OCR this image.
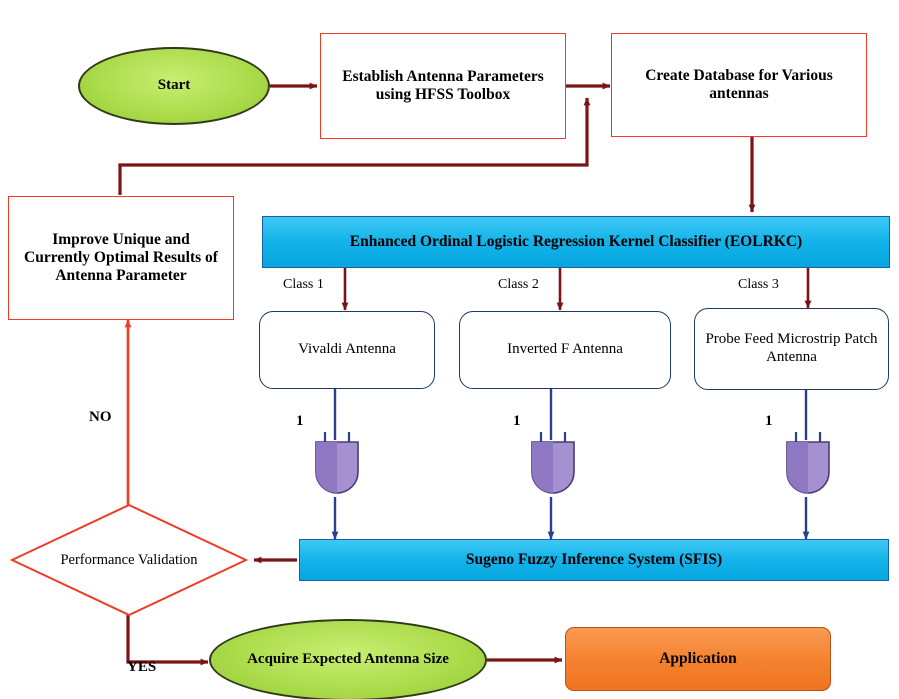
Start
Establish Antenna Parameters using HFSS Toolbox
Create Database for Various antennas
Improve Unique and Currently Optimal Results of Antenna Parameter
Enhanced Ordinal Logistic Regression Kernel Classifier (EOLRKC)
Vivaldi Antenna	Inverted F Antenna
Probe Feed Microstrip Patch Antenna
Sugeno Fuzzy Inference System (SFIS)
Performance Validation
Acquire Expected Antenna Size	Application
Class 1	Class 2	Class 3
1	1	1
NO
YES
